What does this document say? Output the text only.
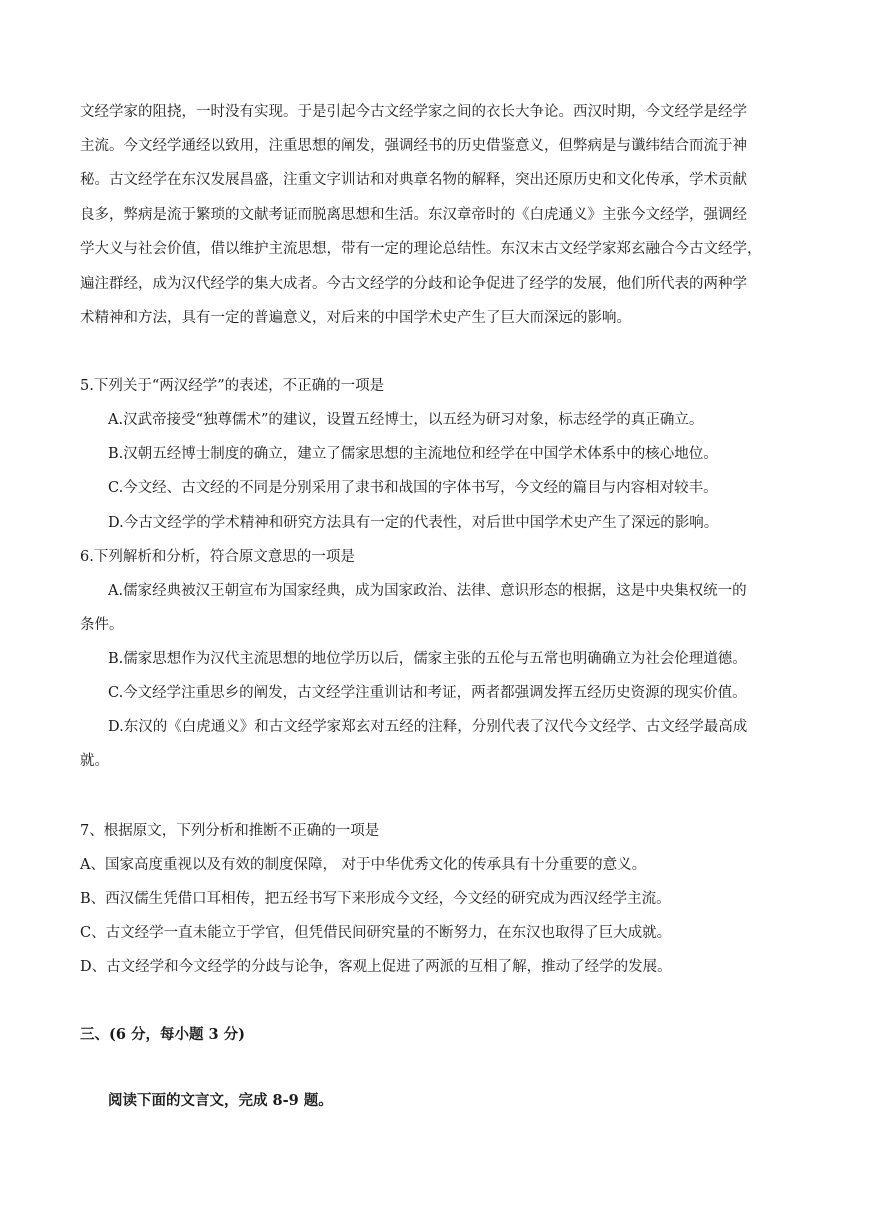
文经学家的阻挠，一时没有实现。于是引起今古文经学家之间的衣长大争论。西汉时期，今文经学是经学
主流。今文经学通经以致用，注重思想的阐发，强调经书的历史借鉴意义，但弊病是与谶纬结合而流于神
秘。古文经学在东汉发展昌盛，注重文字训诂和对典章名物的解释，突出还原历史和文化传承，学术贡献
良多，弊病是流于繁琐的文献考证而脱离思想和生活。东汉章帝时的《白虎通义》主张今文经学，强调经
学大义与社会价值，借以维护主流思想，带有一定的理论总结性。东汉末古文经学家郑玄融合今古文经学，
遍注群经，成为汉代经学的集大成者。今古文经学的分歧和论争促进了经学的发展，他们所代表的两种学
术精神和方法，具有一定的普遍意义，对后来的中国学术史产生了巨大而深远的影响。
5.下列关于“两汉经学”的表述，不正确的一项是
A.汉武帝接受“独尊儒术”的建议，设置五经博士，以五经为研习对象，标志经学的真正确立。
B.汉朝五经博士制度的确立，建立了儒家思想的主流地位和经学在中国学术体系中的核心地位。
C.今文经、古文经的不同是分别采用了隶书和战国的字体书写，今文经的篇目与内容相对较丰。
D.今古文经学的学术精神和研究方法具有一定的代表性，对后世中国学术史产生了深远的影响。
6.下列解析和分析，符合原文意思的一项是
A.儒家经典被汉王朝宣布为国家经典，成为国家政治、法律、意识形态的根据，这是中央集权统一的
条件。
B.儒家思想作为汉代主流思想的地位学历以后，儒家主张的五伦与五常也明确确立为社会伦理道德。
C.今文经学注重思乡的阐发，古文经学注重训诂和考证，两者都强调发挥五经历史资源的现实价值。
D.东汉的《白虎通义》和古文经学家郑玄对五经的注释，分别代表了汉代今文经学、古文经学最高成
就。
7、根据原文，下列分析和推断不正确的一项是
A、国家高度重视以及有效的制度保障， 对于中华优秀文化的传承具有十分重要的意义。
B、西汉儒生凭借口耳相传，把五经书写下来形成今文经，今文经的研究成为西汉经学主流。
C、古文经学一直未能立于学官，但凭借民间研究量的不断努力，在东汉也取得了巨大成就。
D、古文经学和今文经学的分歧与论争，客观上促进了两派的互相了解，推动了经学的发展。
三、(6 分，每小题 3 分)
阅读下面的文言文，完成 8-9 题。
